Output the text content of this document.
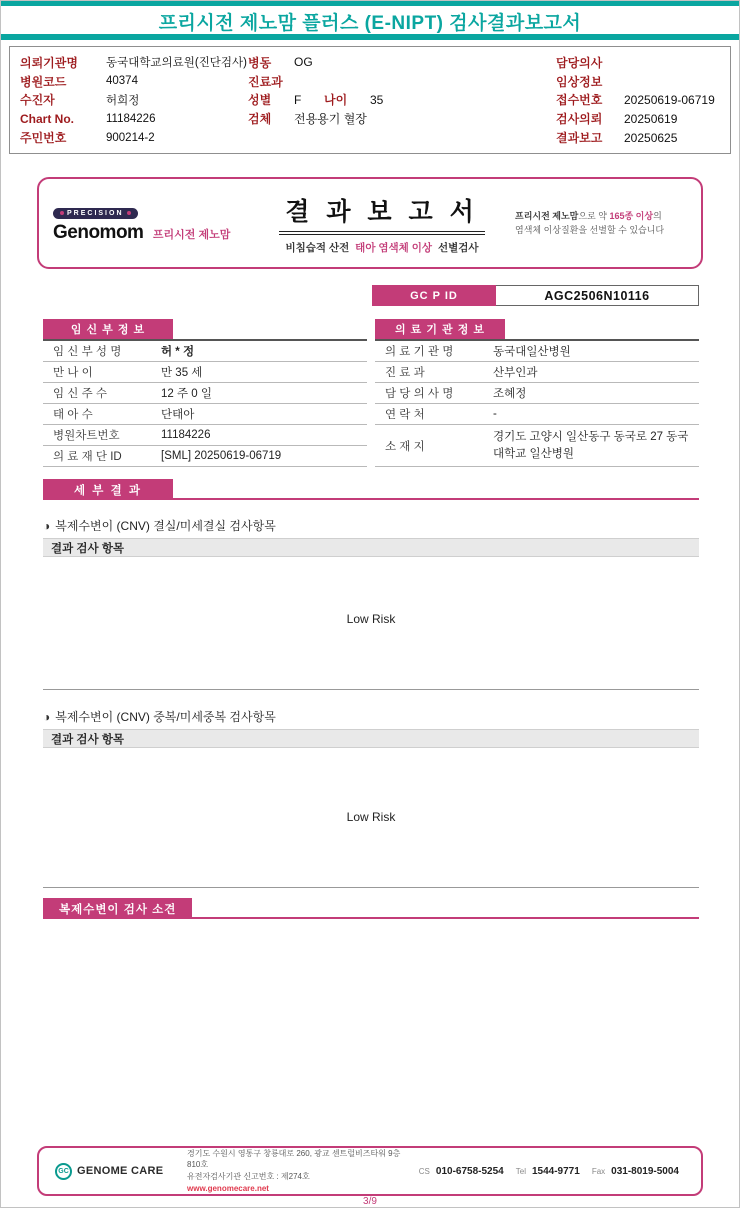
프리시전 제노맘 플러스 (E-NIPT) 검사결과보고서
의뢰기관명	동국대학교의료원(진단검사)
병원코드	40374
수진자	허희정
Chart No.	11184226
주민번호	900214-2
병동	OG
진료과
성별	F	나이	35
검체	전용용기 혈장
담당의사
임상정보
접수번호	20250619-06719
검사의뢰	20250619
결과보고	20250625
PRECISION
Genomom 프리시전 제노맘
결 과 보 고 서
비침습적 산전 태아 염색체 이상 선별검사
프리시전 제노맘으로 약 165종 이상의
염색체 이상질환을 선별할 수 있습니다
GC P ID	AGC2506N10116
임 신 부 정 보
임 신 부 성 명	허 * 정
만 나 이	만 35 세
임 신 주 수	12 주 0 일
태 아 수	단태아
병원차트번호	11184226
의 료 재 단 ID	[SML] 20250619-06719
의 료 기 관 정 보
의 료 기 관 명	동국대일산병원
진 료 과	산부인과
담 당 의 사 명	조혜정
연 락 처	-
소 재 지
경기도 고양시 일산동구 동국로 27 동국대학교 일산병원
세 부 결 과
◑ 복제수변이 (CNV) 결실/미세결실 검사항목
결과 검사 항목
Low Risk
◑ 복제수변이 (CNV) 중복/미세중복 검사항목
결과 검사 항목
Low Risk
복제수변이 검사 소견
GC GENOME CARE
경기도 수원시 영통구 창룡대로 260, 광교 센트럴비즈타워 9층 810호
유전자검사기관 신고번호 : 제274호
www.genomecare.net
CS 010-6758-5254 Tel 1544-9771 Fax 031-8019-5004
3/9
